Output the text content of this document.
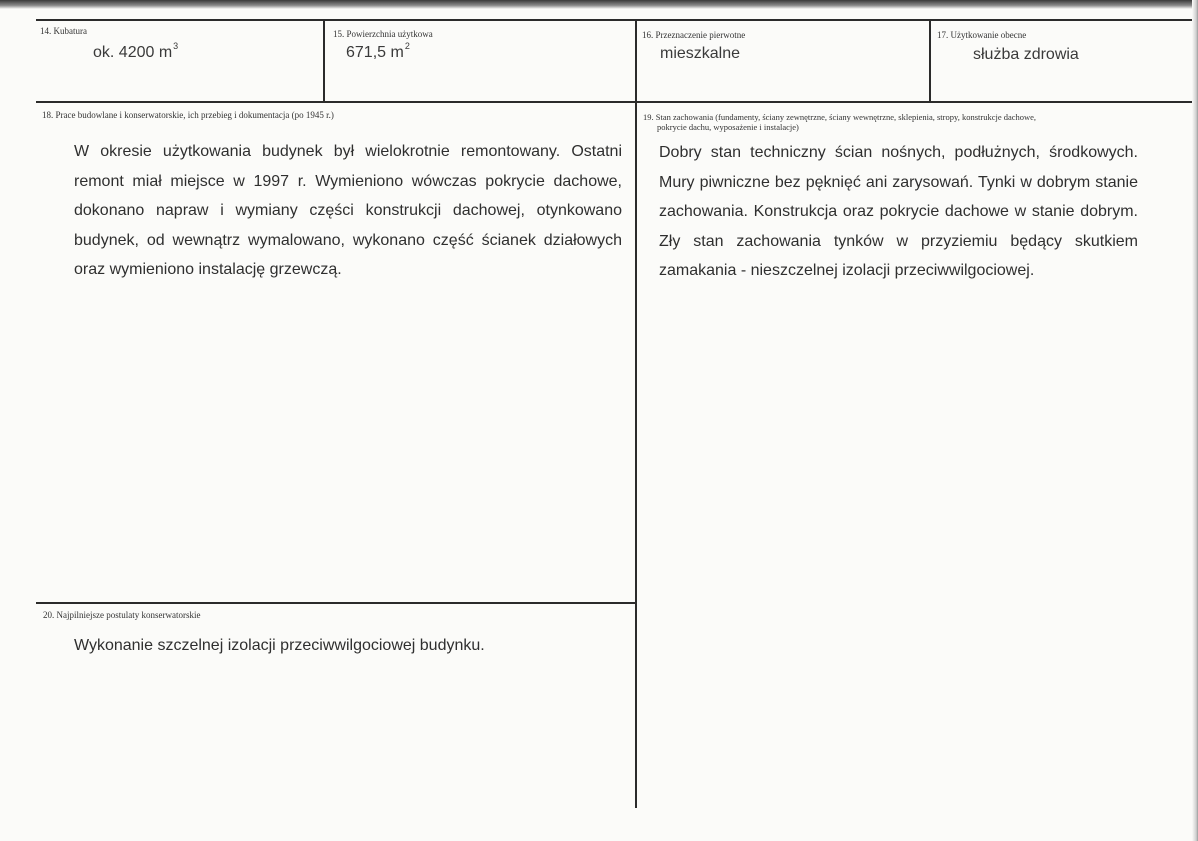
14. Kubatura
ok. 4200 $m^3$
15. Powierzchnia użytkowa
671,5 $m^2$
16. Przeznaczenie pierwotne
mieszkalne
17. Użytkowanie obecne
służba zdrowia
18. Prace budowlane i konserwatorskie, ich przebieg i dokumentacja (po 1945 r.)
W okresie użytkowania budynek był wielokrotnie remontowany. Ostatni remont miał miejsce w 1997 r. Wymieniono wówczas pokrycie dachowe, dokonano napraw i wymiany części konstrukcji dachowej, otynkowano budynek, od wewnątrz wymalowano, wykonano część ścianek działowych oraz wymieniono instalację grzewczą.
19. Stan zachowania (fundamenty, ściany zewnętrzne, ściany wewnętrzne, sklepienia, stropy, konstrukcje dachowe,
pokrycie dachu, wyposażenie i instalacje)
Dobry stan techniczny ścian nośnych, podłużnych, środkowych. Mury piwniczne bez pęknięć ani zarysowań. Tynki w dobrym stanie zachowania. Konstrukcja oraz pokrycie dachowe w stanie dobrym. Zły stan zachowania tynków w przyziemiu będący skutkiem zamakania - nieszczelnej izolacji przeciwwilgociowej.
20. Najpilniejsze postulaty konserwatorskie
Wykonanie szczelnej izolacji przeciwwilgociowej budynku.
